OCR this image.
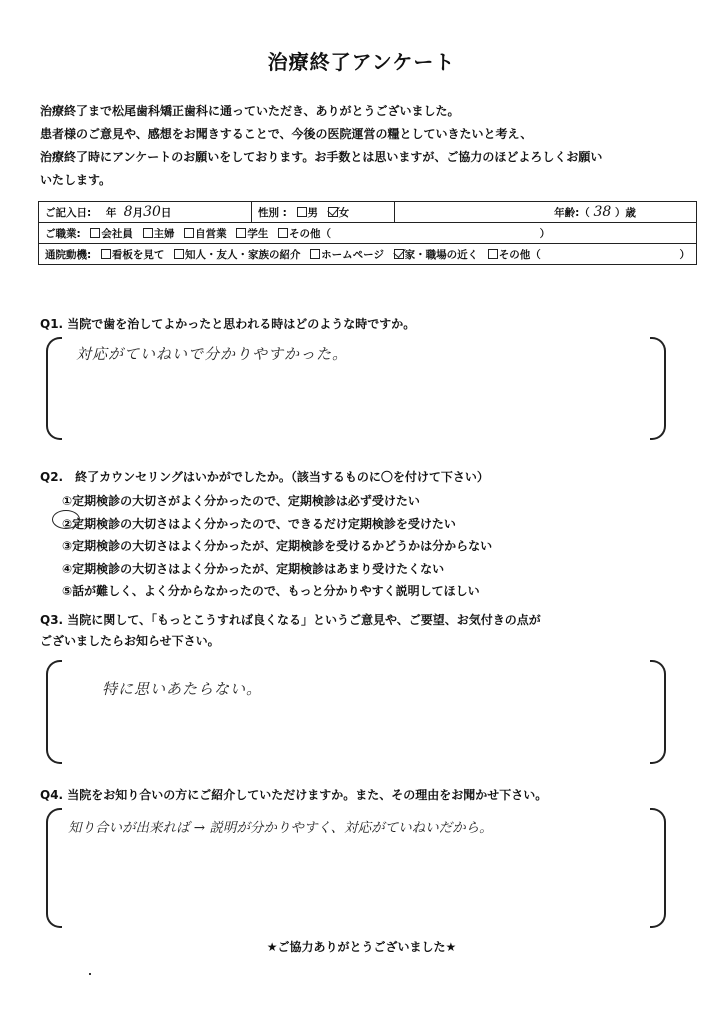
治療終了アンケート
治療終了まで松尾歯科矯正歯科に通っていただき、ありがとうございました。
患者様のご意見や、感想をお聞きすることで、今後の医院運営の糧としていきたいと考え、
治療終了時にアンケートのお願いをしております。お手数とは思いますが、ご協力のほどよろしくお願い
いたします。
ご記入日: 年 8月30日	性別 : 男 女	年齢:（ 38 ）歳
ご職業: 会社員 主婦 自営業 学生 その他（	）
通院動機: 看板を見て 知人・友人・家族の紹介 ホームページ 家・職場の近く その他（	）
Q1. 当院で歯を治してよかったと思われる時はどのような時ですか。
対応がていねいで分かりやすかった。
Q2.　終了カウンセリングはいかがでしたか。（該当するものに〇を付けて下さい）
①定期検診の大切さがよく分かったので、定期検診は必ず受けたい
②定期検診の大切さはよく分かったので、できるだけ定期検診を受けたい
③定期検診の大切さはよく分かったが、定期検診を受けるかどうかは分からない
④定期検診の大切さはよく分かったが、定期検診はあまり受けたくない
⑤話が難しく、よく分からなかったので、もっと分かりやすく説明してほしい
Q3. 当院に関して、「もっとこうすれば良くなる」というご意見や、ご要望、お気付きの点が
ございましたらお知らせ下さい。
特に思いあたらない。
Q4. 当院をお知り合いの方にご紹介していただけますか。また、その理由をお聞かせ下さい。
知り合いが出来れば → 説明が分かりやすく、対応がていねいだから。
★ご協力ありがとうございました★
